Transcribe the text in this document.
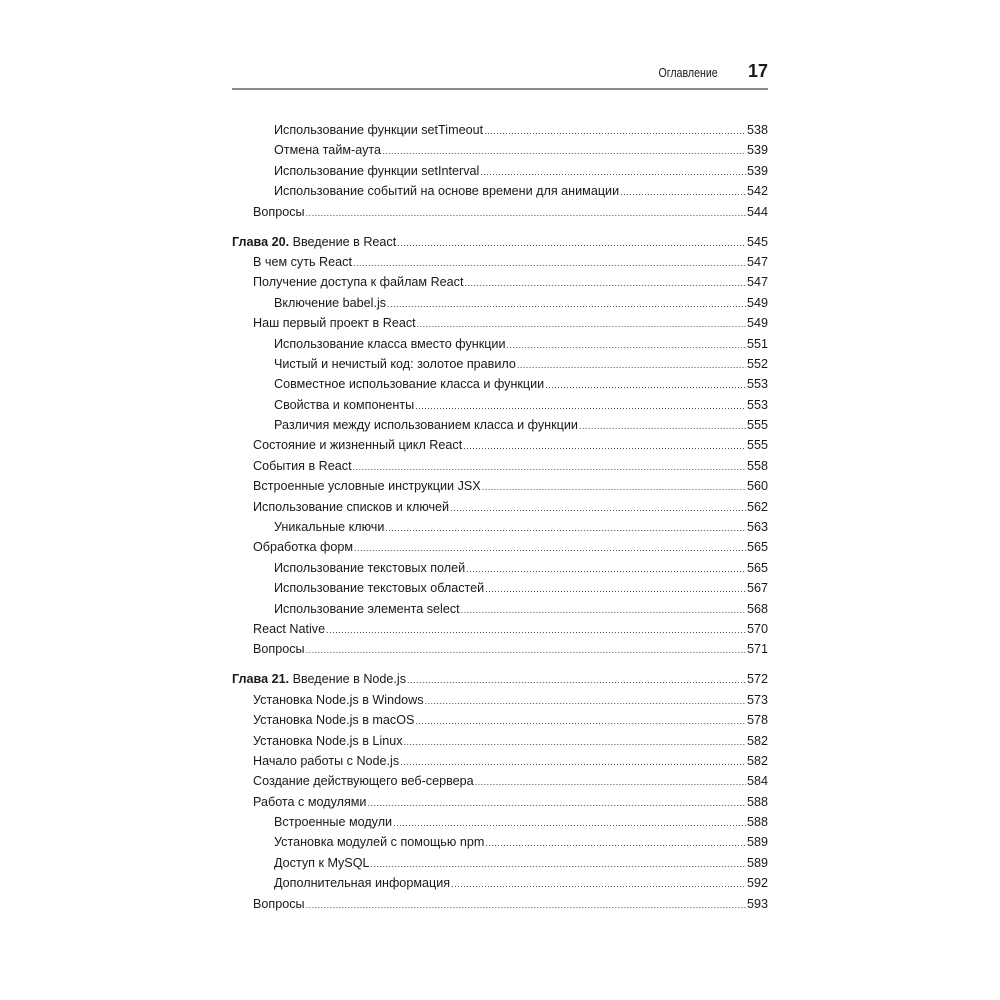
Оглавление 17
Использование функции setTimeout .....	538
Отмена тайм-аута .....	539
Использование функции setInterval .....	539
Использование событий на основе времени для анимации .....	542
Вопросы .....	544
Глава 20. Введение в React .....	545
В чем суть React .....	547
Получение доступа к файлам React .....	547
Включение babel.js .....	549
Наш первый проект в React .....	549
Использование класса вместо функции .....	551
Чистый и нечистый код: золотое правило .....	552
Совместное использование класса и функции .....	553
Свойства и компоненты .....	553
Различия между использованием класса и функции .....	555
Состояние и жизненный цикл React .....	555
События в React .....	558
Встроенные условные инструкции JSX .....	560
Использование списков и ключей .....	562
Уникальные ключи .....	563
Обработка форм .....	565
Использование текстовых полей .....	565
Использование текстовых областей .....	567
Использование элемента select .....	568
React Native .....	570
Вопросы .....	571
Глава 21. Введение в Node.js .....	572
Установка Node.js в Windows .....	573
Установка Node.js в macOS .....	578
Установка Node.js в Linux .....	582
Начало работы с Node.js .....	582
Создание действующего веб-сервера .....	584
Работа с модулями .....	588
Встроенные модули .....	588
Установка модулей с помощью npm .....	589
Доступ к MySQL .....	589
Дополнительная информация .....	592
Вопросы .....	593
